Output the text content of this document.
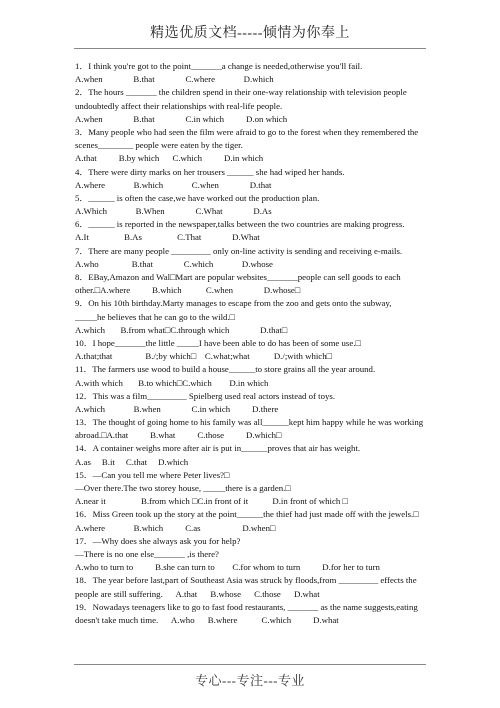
精选优质文档-----倾情为你奉上
1．I think you're got to the point_______a change is needed,otherwise you'll fail.
A.when              B.that              C.where             D.which
2．The hours _______ the children spend in their one-way relationship with television people
undoubtedly affect their relationships with real-life people.
A.when              B.that              C.in which          D.on which
3．Many people who had seen the film were afraid to go to the forest when they remembered the
scenes________ people were eaten by the tiger.
A.that          B.by which      C.which          D.in which
4．There were dirty marks on her trousers ______ she had wiped her hands.
A.where             B.which             C.when              D.that
5．______ is often the case,we have worked out the production plan.
A.Which             B.When              C.What              D.As
6．______ is reported in the newspaper,talks between the two countries are making progress.
A.It                B.As                C.That              D.What
7．There are many people _________ only on-line activity is sending and receiving e-mails.
A.who               B.that              C.which             D.whose
8．EBay,Amazon and Wal□Mart are popular websites_______people can sell goods to each
other.□A.where          B.which           C.when              D.whose□
9．On his 10th birthday.Marty manages to escape from the zoo and gets onto the subway,
_____he believes that he can go to the wild.□
A.which       B.from what□C.through which              D.that□
10．I hope_______the little _____I have been able to do has been of some use.□
A.that;that               B./;by which□    C.what;what           D./;with which□
11．The farmers use wood to build a house______to store grains all the year around.
A.with which       B.to which□C.which        D.in which
12．This was a film_________ Spielberg used real actors instead of toys.
A.which             B.when              C.in which          D.there
13．The thought of going home to his family was all______kept him happy while he was working
abroad.□A.that          B.what          C.those          D.which□
14．A container weighs more after air is put in______proves that air has weight.
A.as     B.it     C.that     D.which
15．—Can you tell me where Peter lives?□
—Over there.The two storey house, _____there is a garden.□
A.near it                B.from which □C.in front of it           D.in front of which □
16．Miss Green took up the story at the point______the thief had just made off with the jewels.□
A.where             B.which          C.as                   D.when□
17．—Why does she always ask you for help?
—There is no one else_______ ,is there?
A.who to turn to          B.she can turn to        C.for whom to turn          D.for her to turn
18．The year before last,part of Southeast Asia was struck by floods,from _________ effects the
people are still suffering.      A.that      B.whose      C.those      D.what
19．Nowadays teenagers like to go to fast food restaurants, _______ as the name suggests,eating
doesn't take much time.      A.who      B.where           C.which          D.what
专心---专注---专业
